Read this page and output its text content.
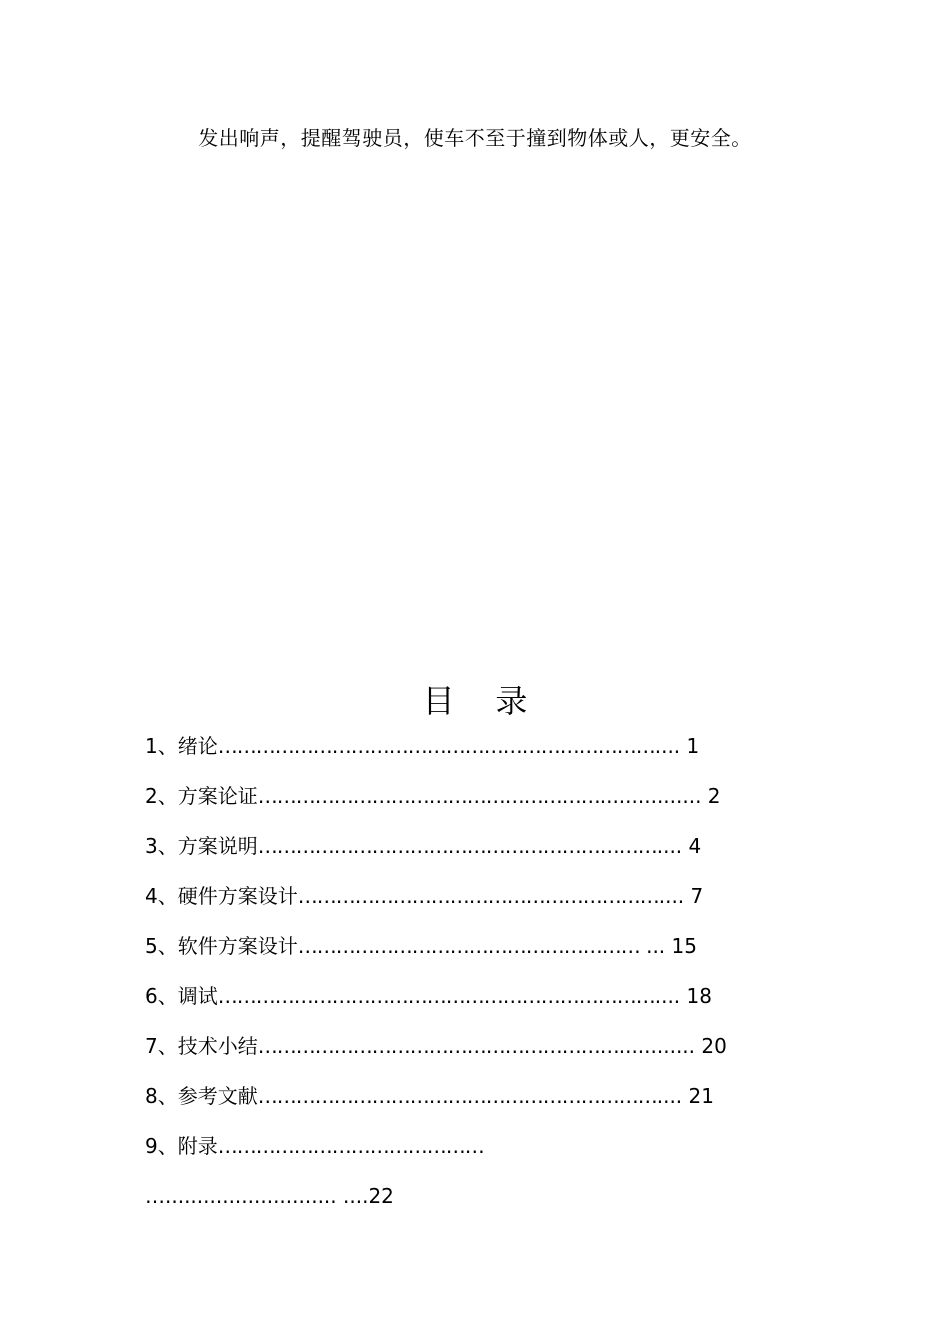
发出响声，提醒驾驶员，使车不至于撞到物体或人，更安全。
目    录
1、绪论…………………………………………………………….... 1
2、方案论证………………………………………………................ 2
3、方案说明……………………………………………………….... 4
4、硬件方案设计………………………………………………….... 7
5、软件方案设计……………………………………………… ... 15
6、调试…………………………………………………………….... 18
7、技术小结…………………………………………………............ 20
8、参考文献……………………………………………………….... 21
9、附录……………………………………
…........................... ....22
